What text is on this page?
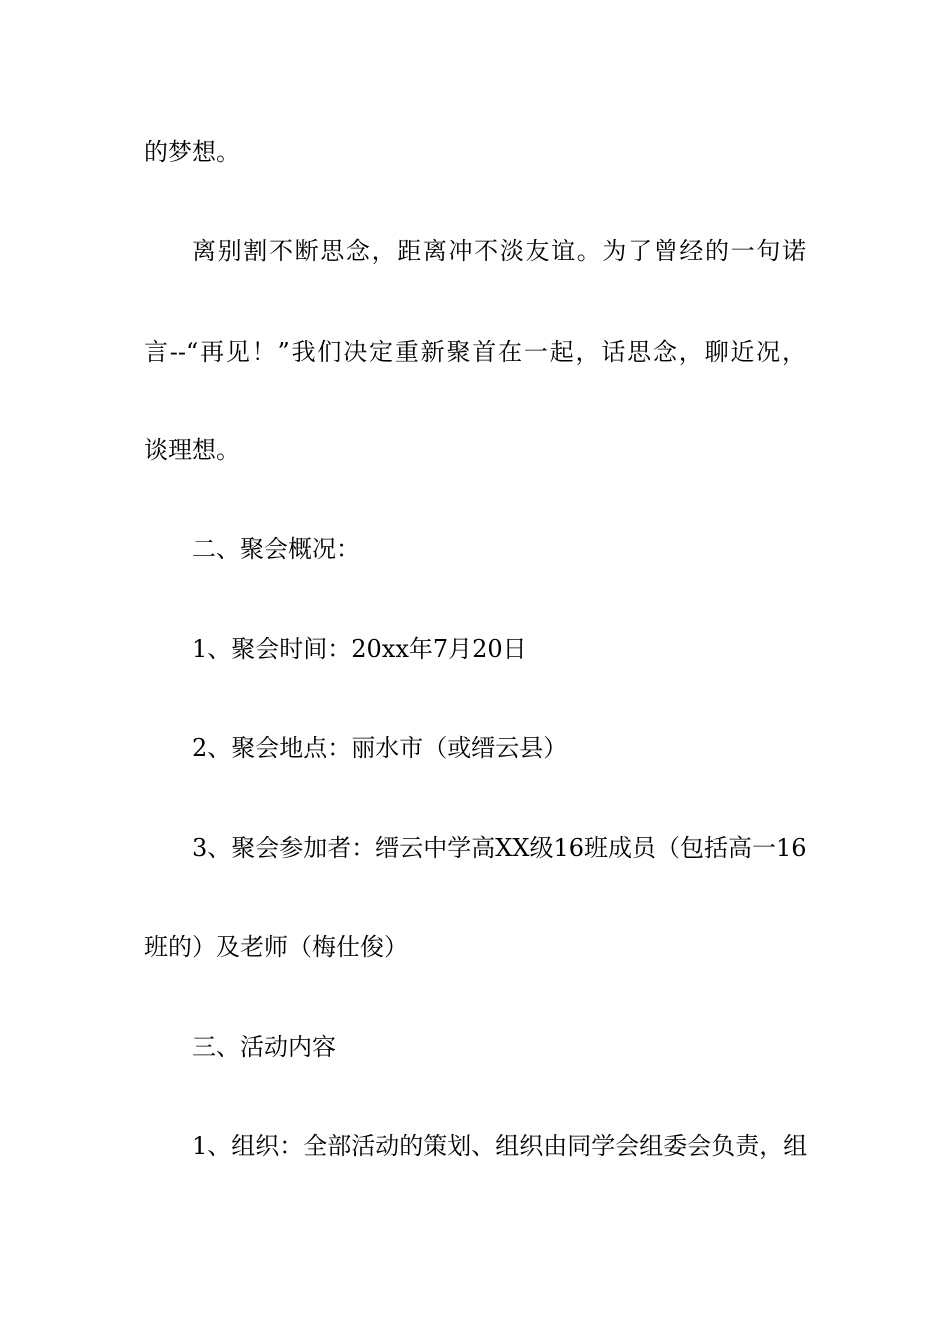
的梦想。
离别割不断思念，距离冲不淡友谊。为了曾经的一句诺
言--“再见！”我们决定重新聚首在一起，话思念，聊近况，
谈理想。
二、聚会概况：
1、聚会时间：20xx年7月20日
2、聚会地点：丽水市（或缙云县）
3、聚会参加者：缙云中学高XX级16班成员（包括高一16
班的）及老师（梅仕俊）
三、活动内容
1、组织：全部活动的策划、组织由同学会组委会负责，组
